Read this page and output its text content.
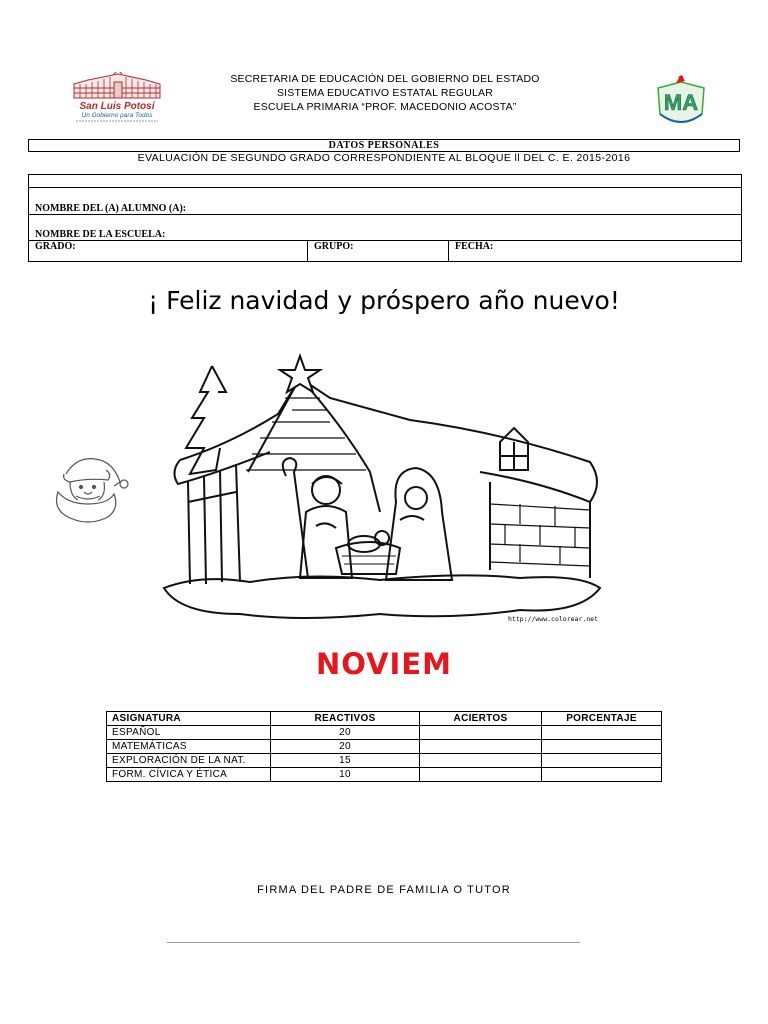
San Luis Potosí
Un Gobierno para Todos
SECRETARIA DE EDUCACIÓN DEL GOBIERNO DEL ESTADO
SISTEMA EDUCATIVO ESTATAL REGULAR
ESCUELA PRIMARIA “PROF. MACEDONIO ACOSTA”	MA
DATOS PERSONALES
EVALUACIÓN DE SEGUNDO GRADO CORRESPONDIENTE AL BLOQUE ll DEL C. E. 2015-2016

NOMBRE DEL (A) ALUMNO (A):
NOMBRE DE LA ESCUELA:
GRADO:	GRUPO:	FECHA:
¡ Feliz navidad y próspero año nuevo!
http://www.colorear.net
NOVIEM
ASIGNATURA	REACTIVOS	ACIERTOS	PORCENTAJE
ESPAÑOL	20		
MATEMÁTICAS	20		
EXPLORACIÓN DE LA NAT.	15		
FORM. CÍVICA Y ÉTICA	10		
FIRMA DEL PADRE DE FAMILIA O TUTOR
